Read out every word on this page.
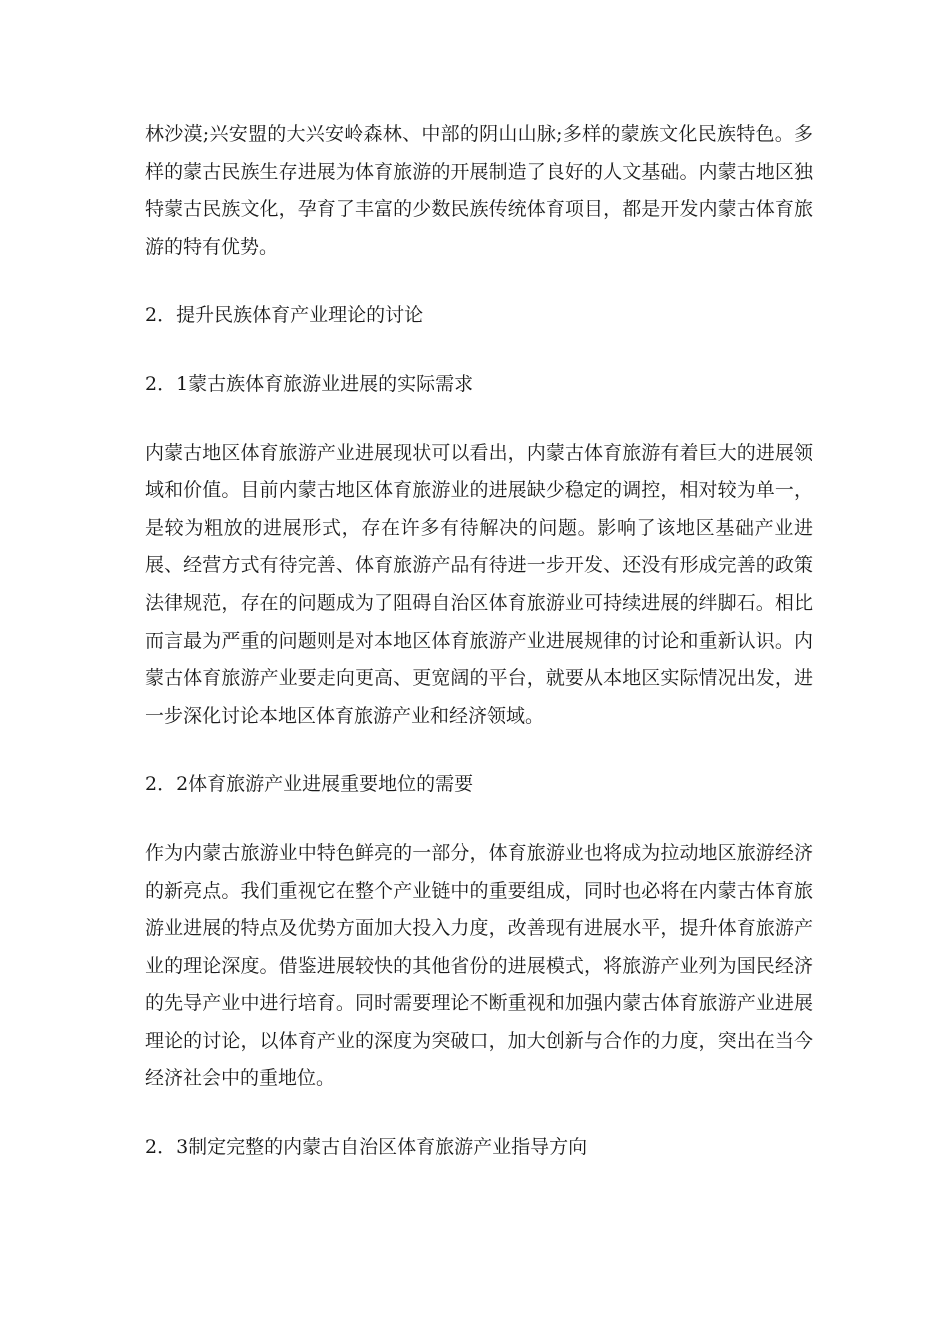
林沙漠;兴安盟的大兴安岭森林、中部的阴山山脉;多样的蒙族文化民族特色。多样的蒙古民族生存进展为体育旅游的开展制造了良好的人文基础。内蒙古地区独特蒙古民族文化，孕育了丰富的少数民族传统体育项目，都是开发内蒙古体育旅游的特有优势。

2．提升民族体育产业理论的讨论

2．1蒙古族体育旅游业进展的实际需求

内蒙古地区体育旅游产业进展现状可以看出，内蒙古体育旅游有着巨大的进展领域和价值。目前内蒙古地区体育旅游业的进展缺少稳定的调控，相对较为单一，是较为粗放的进展形式，存在许多有待解决的问题。影响了该地区基础产业进展、经营方式有待完善、体育旅游产品有待进一步开发、还没有形成完善的政策法律规范，存在的问题成为了阻碍自治区体育旅游业可持续进展的绊脚石。相比而言最为严重的问题则是对本地区体育旅游产业进展规律的讨论和重新认识。内蒙古体育旅游产业要走向更高、更宽阔的平台，就要从本地区实际情况出发，进一步深化讨论本地区体育旅游产业和经济领域。

2．2体育旅游产业进展重要地位的需要

作为内蒙古旅游业中特色鲜亮的一部分，体育旅游业也将成为拉动地区旅游经济的新亮点。我们重视它在整个产业链中的重要组成，同时也必将在内蒙古体育旅游业进展的特点及优势方面加大投入力度，改善现有进展水平，提升体育旅游产业的理论深度。借鉴进展较快的其他省份的进展模式，将旅游产业列为国民经济的先导产业中进行培育。同时需要理论不断重视和加强内蒙古体育旅游产业进展理论的讨论，以体育产业的深度为突破口，加大创新与合作的力度，突出在当今经济社会中的重地位。

2．3制定完整的内蒙古自治区体育旅游产业指导方向
